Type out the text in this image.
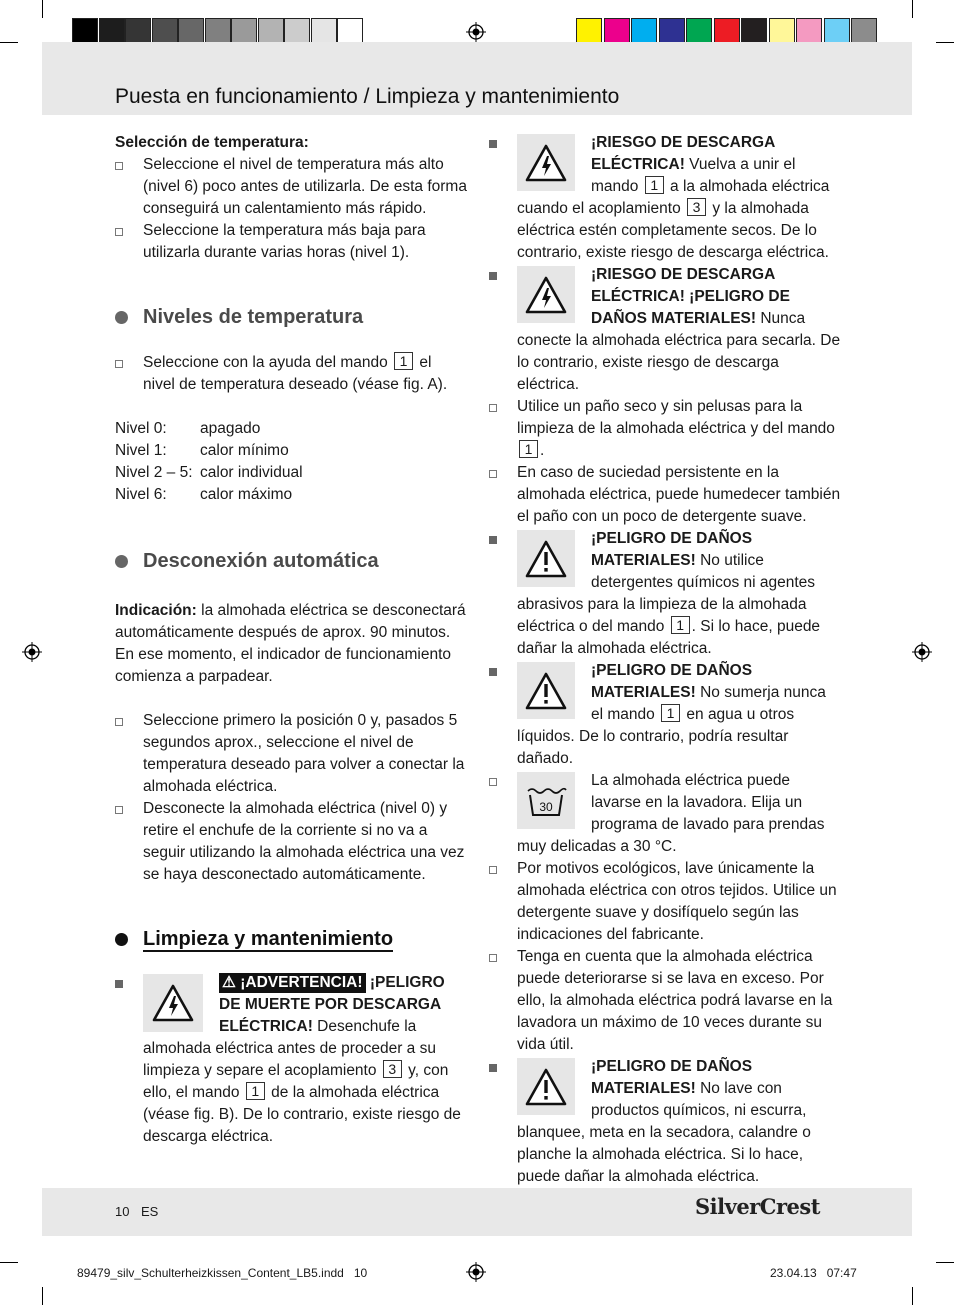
Puesta en funcionamiento / Limpieza y mantenimiento
Selección de temperatura:
Seleccione el nivel de temperatura más alto (nivel 6) poco antes de utilizarla. De esta forma conseguirá un calentamiento más rápido.
Seleccione la temperatura más baja para utilizarla durante varias horas (nivel 1).
Niveles de temperatura
Seleccione con la ayuda del mando 1 el nivel de temperatura deseado (véase fig. A).
Nivel 0:	apagado
Nivel 1:	calor mínimo
Nivel 2 – 5: calor individual
Nivel 6:	calor máximo
Desconexión automática
Indicación: la almohada eléctrica se desconectará automáticamente después de aprox. 90 minutos. En ese momento, el indicador de funcionamiento comienza a parpadear.
Seleccione primero la posición 0 y, pasados 5 segundos aprox., seleccione el nivel de temperatura deseado para volver a conectar la almohada eléctrica.
Desconecte la almohada eléctrica (nivel 0) y retire el enchufe de la corriente si no va a seguir utilizando la almohada eléctrica una vez se haya desconectado automáticamente.
Limpieza y mantenimiento
⚠ ¡ADVERTENCIA! ¡PELIGRO DE MUERTE POR DESCARGA ELÉCTRICA! Desenchufe la almohada eléctrica antes de proceder a su limpieza y separe el acoplamiento 3 y, con ello, el mando 1 de la almohada eléctrica (véase fig. B). De lo contrario, existe riesgo de descarga eléctrica.
¡RIESGO DE DESCARGA ELÉCTRICA! Vuelva a unir el mando 1 a la almohada eléctrica cuando el acoplamiento 3 y la almohada eléctrica estén completamente secos. De lo contrario, existe riesgo de descarga eléctrica.
¡RIESGO DE DESCARGA ELÉCTRICA! ¡PELIGRO DE DAÑOS MATERIALES! Nunca conecte la almohada eléctrica para secarla. De lo contrario, existe riesgo de descarga eléctrica.
Utilice un paño seco y sin pelusas para la limpieza de la almohada eléctrica y del mando 1 .
En caso de suciedad persistente en la almohada eléctrica, puede humedecer también el paño con un poco de detergente suave.
¡PELIGRO DE DAÑOS MATERIALES! No utilice detergentes químicos ni agentes abrasivos para la limpieza de la almohada eléctrica o del mando 1 . Si lo hace, puede dañar la almohada eléctrica.
¡PELIGRO DE DAÑOS MATERIALES! No sumerja nunca el mando 1 en agua u otros líquidos. De lo contrario, podría resultar dañado.
30
La almohada eléctrica puede lavarse en la lavadora. Elija un programa de lavado para prendas muy delicadas a 30 °C.
Por motivos ecológicos, lave únicamente la almohada eléctrica con otros tejidos. Utilice un detergente suave y dosifíquelo según las indicaciones del fabricante.
Tenga en cuenta que la almohada eléctrica puede deteriorarse si se lava en exceso. Por ello, la almohada eléctrica podrá lavarse en la lavadora un máximo de 10 veces durante su vida útil.
¡PELIGRO DE DAÑOS MATERIALES! No lave con productos químicos, ni escurra, blanquee, meta en la secadora, calandre o planche la almohada eléctrica. Si lo hace, puede dañar la almohada eléctrica.
10 ES	SilverCrest
89479_silv_Schulterheizkissen_Content_LB5.indd   10	23.04.13   07:47
